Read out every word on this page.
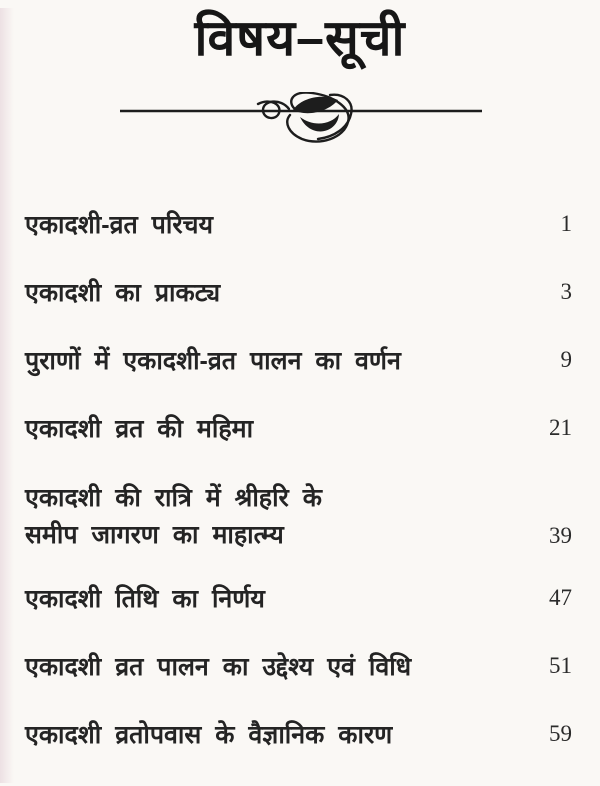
विषय–सूची
एकादशी-व्रत परिचय	1
एकादशी का प्राकट्य	3
पुराणों में एकादशी-व्रत पालन का वर्णन	9
एकादशी व्रत की महिमा	21
एकादशी की रात्रि में श्रीहरि के
समीप जागरण का माहात्म्य	39
एकादशी तिथि का निर्णय	47
एकादशी व्रत पालन का उद्देश्य एवं विधि	51
एकादशी व्रतोपवास के वैज्ञानिक कारण	59
